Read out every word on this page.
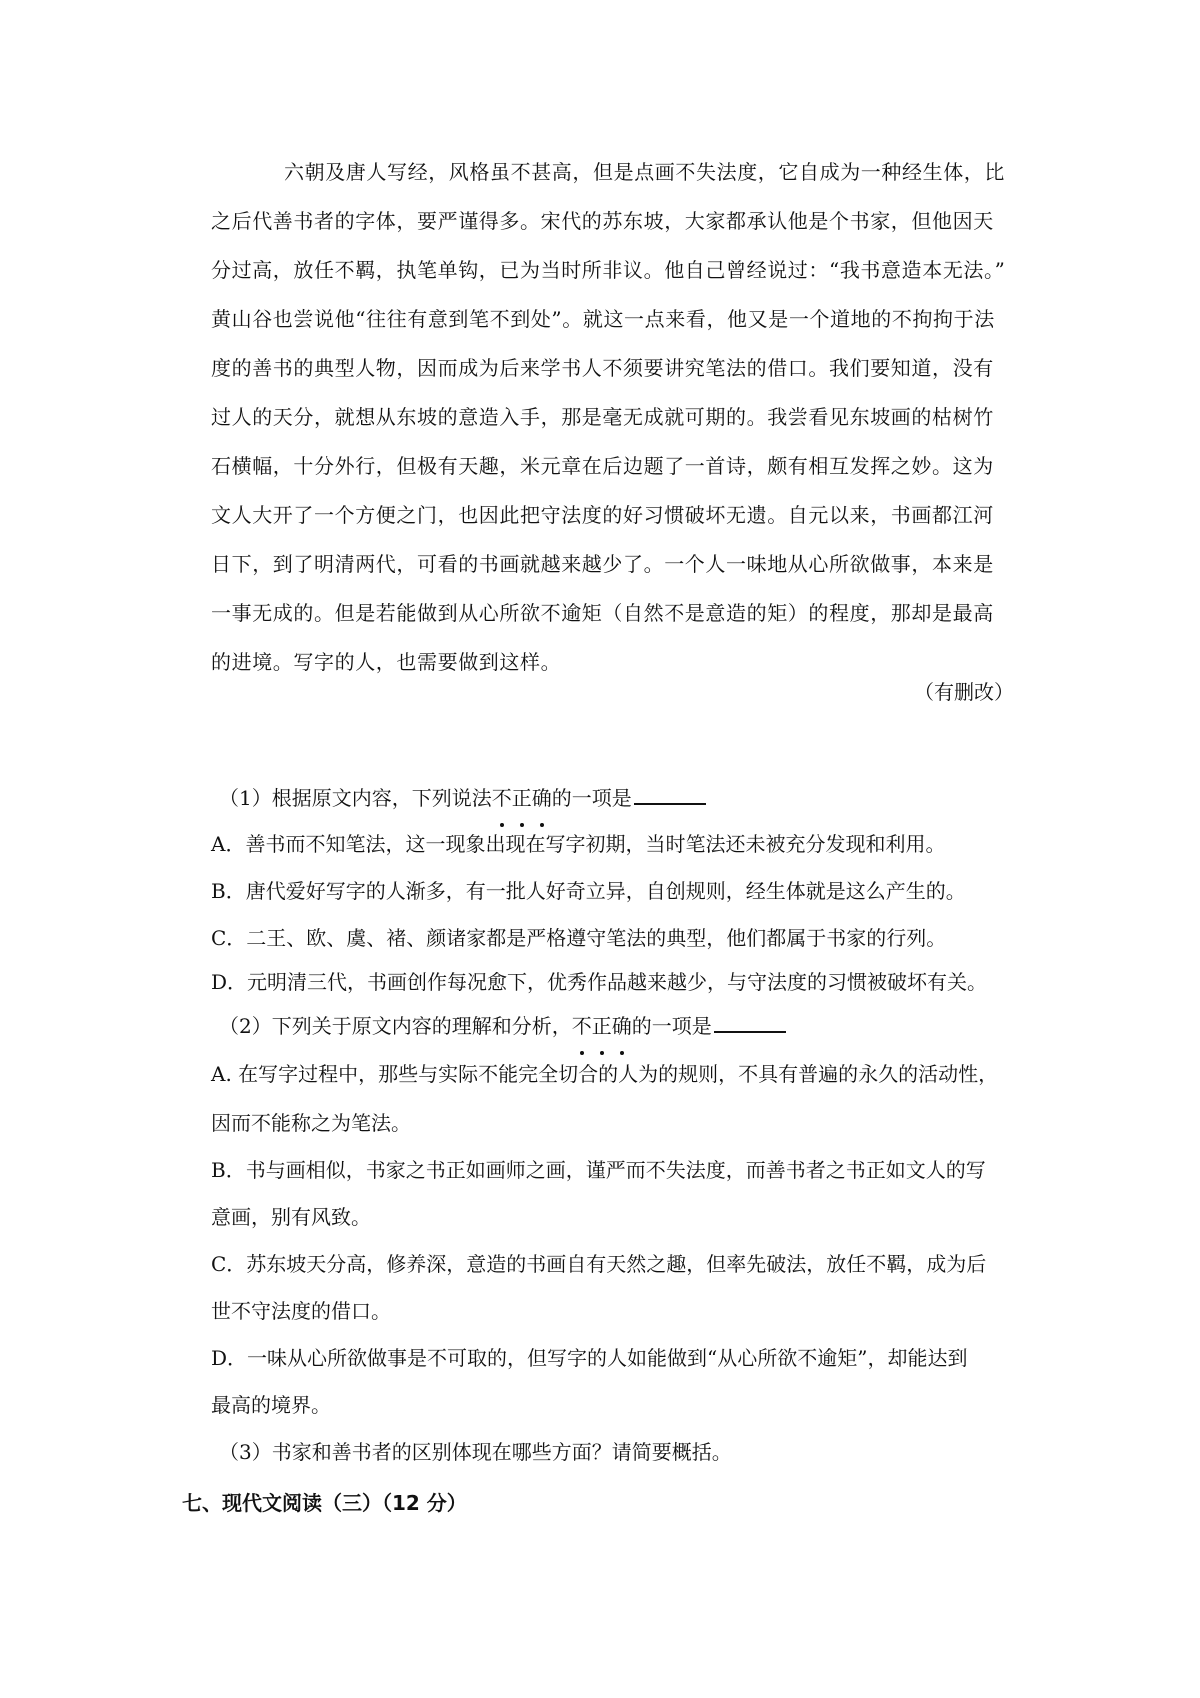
六朝及唐人写经，风格虽不甚高，但是点画不失法度，它自成为一种经生体，比
之后代善书者的字体，要严谨得多。宋代的苏东坡，大家都承认他是个书家，但他因天
分过高，放任不羁，执笔单钩，已为当时所非议。他自己曾经说过：“我书意造本无法。”
黄山谷也尝说他“往往有意到笔不到处”。就这一点来看，他又是一个道地的不拘拘于法
度的善书的典型人物，因而成为后来学书人不须要讲究笔法的借口。我们要知道，没有
过人的天分，就想从东坡的意造入手，那是毫无成就可期的。我尝看见东坡画的枯树竹
石横幅，十分外行，但极有天趣，米元章在后边题了一首诗，颇有相互发挥之妙。这为
文人大开了一个方便之门，也因此把守法度的好习惯破坏无遗。自元以来，书画都江河
日下，到了明清两代，可看的书画就越来越少了。一个人一味地从心所欲做事，本来是
一事无成的。但是若能做到从心所欲不逾矩（自然不是意造的矩）的程度，那却是最高
的进境。写字的人，也需要做到这样。
（有删改）
（1）根据原文内容，下列说法不正确的一项是
A．善书而不知笔法，这一现象出现在写字初期，当时笔法还未被充分发现和利用。
B．唐代爱好写字的人渐多，有一批人好奇立异，自创规则，经生体就是这么产生的。
C．二王、欧、虞、褚、颜诸家都是严格遵守笔法的典型，他们都属于书家的行列。
D．元明清三代，书画创作每况愈下，优秀作品越来越少，与守法度的习惯被破坏有关。
（2）下列关于原文内容的理解和分析，不正确的一项是
A. 在写字过程中，那些与实际不能完全切合的人为的规则，不具有普遍的永久的活动性，
因而不能称之为笔法。
B．书与画相似，书家之书正如画师之画，谨严而不失法度，而善书者之书正如文人的写
意画，别有风致。
C．苏东坡天分高，修养深，意造的书画自有天然之趣，但率先破法，放任不羁，成为后
世不守法度的借口。
D．一味从心所欲做事是不可取的，但写字的人如能做到“从心所欲不逾矩”，却能达到
最高的境界。
（3）书家和善书者的区别体现在哪些方面？请简要概括。
七、现代文阅读（三）（12 分）
